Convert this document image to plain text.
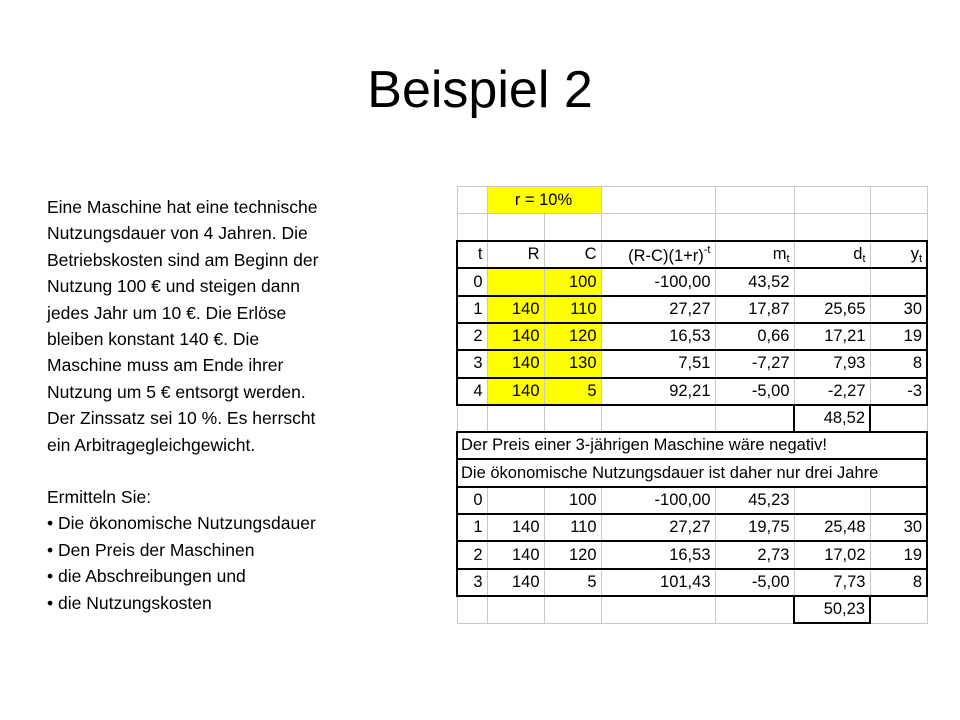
Beispiel 2

Eine Maschine hat eine technische

Nutzungsdauer von 4 Jahren. Die

Betriebskosten sind am Beginn der

Nutzung 100 € und steigen dann

jedes Jahr um 10 €. Die Erlöse

bleiben konstant 140 €. Die

Maschine muss am Ende ihrer

Nutzung um 5 € entsorgt werden.

Der Zinssatz sei 10 %. Es herrscht

ein Arbitragegleichgewicht.

Ermitteln Sie:

• Die ökonomische Nutzungsdauer

• Den Preis der Maschinen

• die Abschreibungen und

• die Nutzungskosten

	r = 10%					

t	R	C	$(R-C)(1+r)^{-t}$	$m_t$	$d_t$	$y_t$
0		100	-100,00	43,52		
1	140	110	27,27	17,87	25,65	30
2	140	120	16,53	0,66	17,21	19
3	140	130	7,51	-7,27	7,93	8
4	140	5	92,21	-5,00	-2,27	-3
					48,52	
Der Preis einer 3-jährigen Maschine wäre negativ!						
Die ökonomische Nutzungsdauer ist daher nur drei Jahre						
0		100	-100,00	45,23		
1	140	110	27,27	19,75	25,48	30
2	140	120	16,53	2,73	17,02	19
3	140	5	101,43	-5,00	7,73	8
					50,23	
